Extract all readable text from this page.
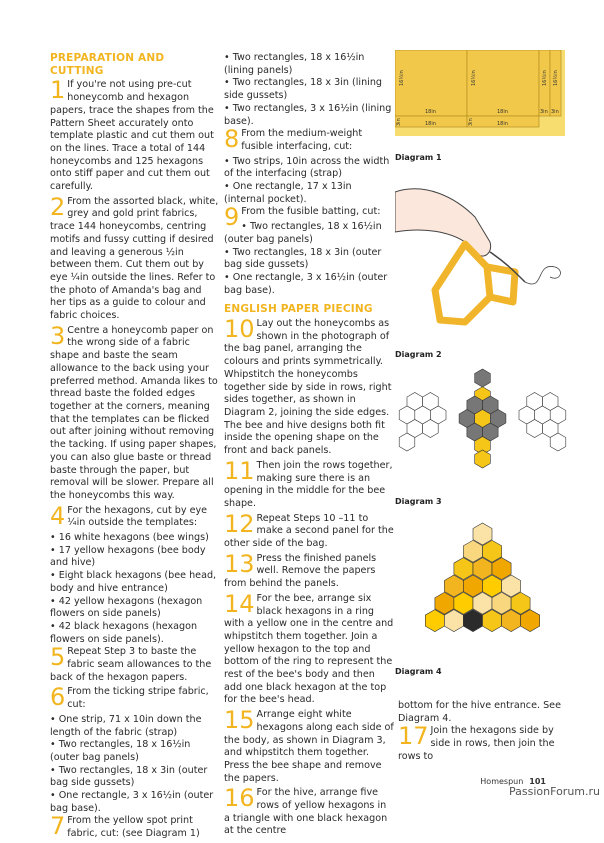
PREPARATION AND CUTTING
1 If you're not using pre-cut honeycomb and hexagon papers, trace the shapes from the Pattern Sheet accurately onto template plastic and cut them out on the lines. Trace a total of 144 honeycombs and 125 hexagons onto stiff paper and cut them out carefully.

2 From the assorted black, white, grey and gold print fabrics, trace 144 honeycombs, centring motifs and fussy cutting if desired and leaving a generous ½in between them. Cut them out by eye ¼in outside the lines. Refer to the photo of Amanda's bag and her tips as a guide to colour and fabric choices.

3 Centre a honeycomb paper on the wrong side of a fabric shape and baste the seam allowance to the back using your preferred method. Amanda likes to thread baste the folded edges together at the corners, meaning that the templates can be flicked out after joining without removing the tacking. If using paper shapes, you can also glue baste or thread baste through the paper, but removal will be slower. Prepare all the honeycombs this way.

4 For the hexagons, cut by eye ¼in outside the templates:

• 16 white hexagons (bee wings)

• 17 yellow hexagons (bee body and hive)

• Eight black hexagons (bee head, body and hive entrance)

• 42 yellow hexagons (hexagon flowers on side panels)

• 42 black hexagons (hexagon flowers on side panels).

5 Repeat Step 3 to baste the fabric seam allowances to the back of the hexagon papers.

6 From the ticking stripe fabric, cut:

• One strip, 71 x 10in down the length of the fabric (strap)

• Two rectangles, 18 x 16½in (outer bag panels)

• Two rectangles, 18 x 3in (outer bag side gussets)

• One rectangle, 3 x 16½in (outer bag base).

7 From the yellow spot print fabric, cut: (see Diagram 1)

• Two rectangles, 18 x 16½in (lining panels)

• Two rectangles, 18 x 3in (lining side gussets)

• Two rectangles, 3 x 16½in (lining base).

8 From the medium-weight fusible interfacing, cut:

• Two strips, 10in across the width of the interfacing (strap)

• One rectangle, 17 x 13in (internal pocket).

9 From the fusible batting, cut:

• Two rectangles, 18 x 16½in (outer bag panels)

• Two rectangles, 18 x 3in (outer bag side gussets)

• One rectangle, 3 x 16½in (outer bag base).

ENGLISH PAPER PIECING
10 Lay out the honeycombs as shown in the photograph of the bag panel, arranging the colours and prints symmetrically. Whipstitch the honeycombs together side by side in rows, right sides together, as shown in Diagram 2, joining the side edges. The bee and hive designs both fit inside the opening shape on the front and back panels.

11 Then join the rows together, making sure there is an opening in the middle for the bee shape.

12 Repeat Steps 10 –11 to make a second panel for the other side of the bag.

13 Press the finished panels well. Remove the papers from behind the panels.

14 For the bee, arrange six black hexagons in a ring with a yellow one in the centre and whipstitch them together. Join a yellow hexagon to the top and bottom of the ring to represent the rest of the bee's body and then add one black hexagon at the top for the bee's head.

15 Arrange eight white hexagons along each side of the body, as shown in Diagram 3, and whipstitch them together. Press the bee shape and remove the papers.

16 For the hive, arrange five rows of yellow hexagons in a triangle with one black hexagon at the centre

bottom for the hive entrance. See Diagram 4.

17 Join the hexagons side by side in rows, then join the rows to

16½in	16½in	16½in 16½in
18in	18in	3in 3in
18in	18in
3in	3in
Diagram 1
Diagram 2
Diagram 3
Diagram 4
Homespun 101
PassionForum.ru
